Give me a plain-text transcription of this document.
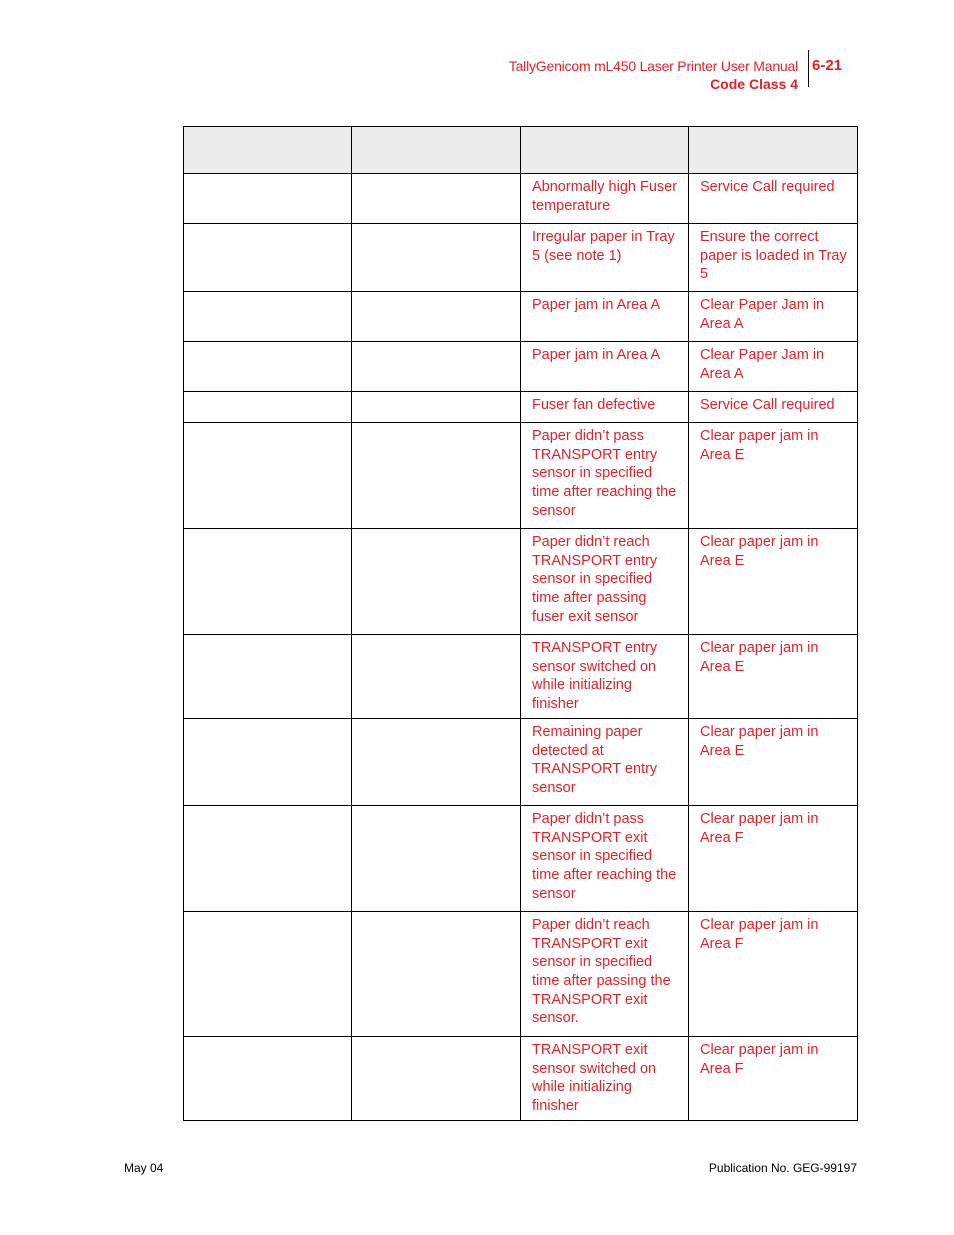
TallyGenicom mL450 Laser Printer User Manual
Code Class 4
6-21

		Abnormally high Fuser temperature	Service Call required
		Irregular paper in Tray 5 (see note 1)	Ensure the correct paper is loaded in Tray 5
		Paper jam in Area A	Clear Paper Jam in Area A
		Paper jam in Area A	Clear Paper Jam in Area A
		Fuser fan defective	Service Call required
		Paper didn’t pass TRANSPORT entry sensor in specified time after reaching the sensor	Clear paper jam in Area E
		Paper didn’t reach TRANSPORT entry sensor in specified time after passing fuser exit sensor	Clear paper jam in Area E
		TRANSPORT entry sensor switched on while initializing finisher	Clear paper jam in Area E
		Remaining paper detected at TRANSPORT entry sensor	Clear paper jam in Area E
		Paper didn’t pass TRANSPORT exit sensor in specified time after reaching the sensor	Clear paper jam in Area F
		Paper didn’t reach TRANSPORT exit sensor in specified time after passing the TRANSPORT exit sensor.	Clear paper jam in Area F
		TRANSPORT exit sensor switched on while initializing finisher	Clear paper jam in Area F
May 04	Publication No. GEG-99197
